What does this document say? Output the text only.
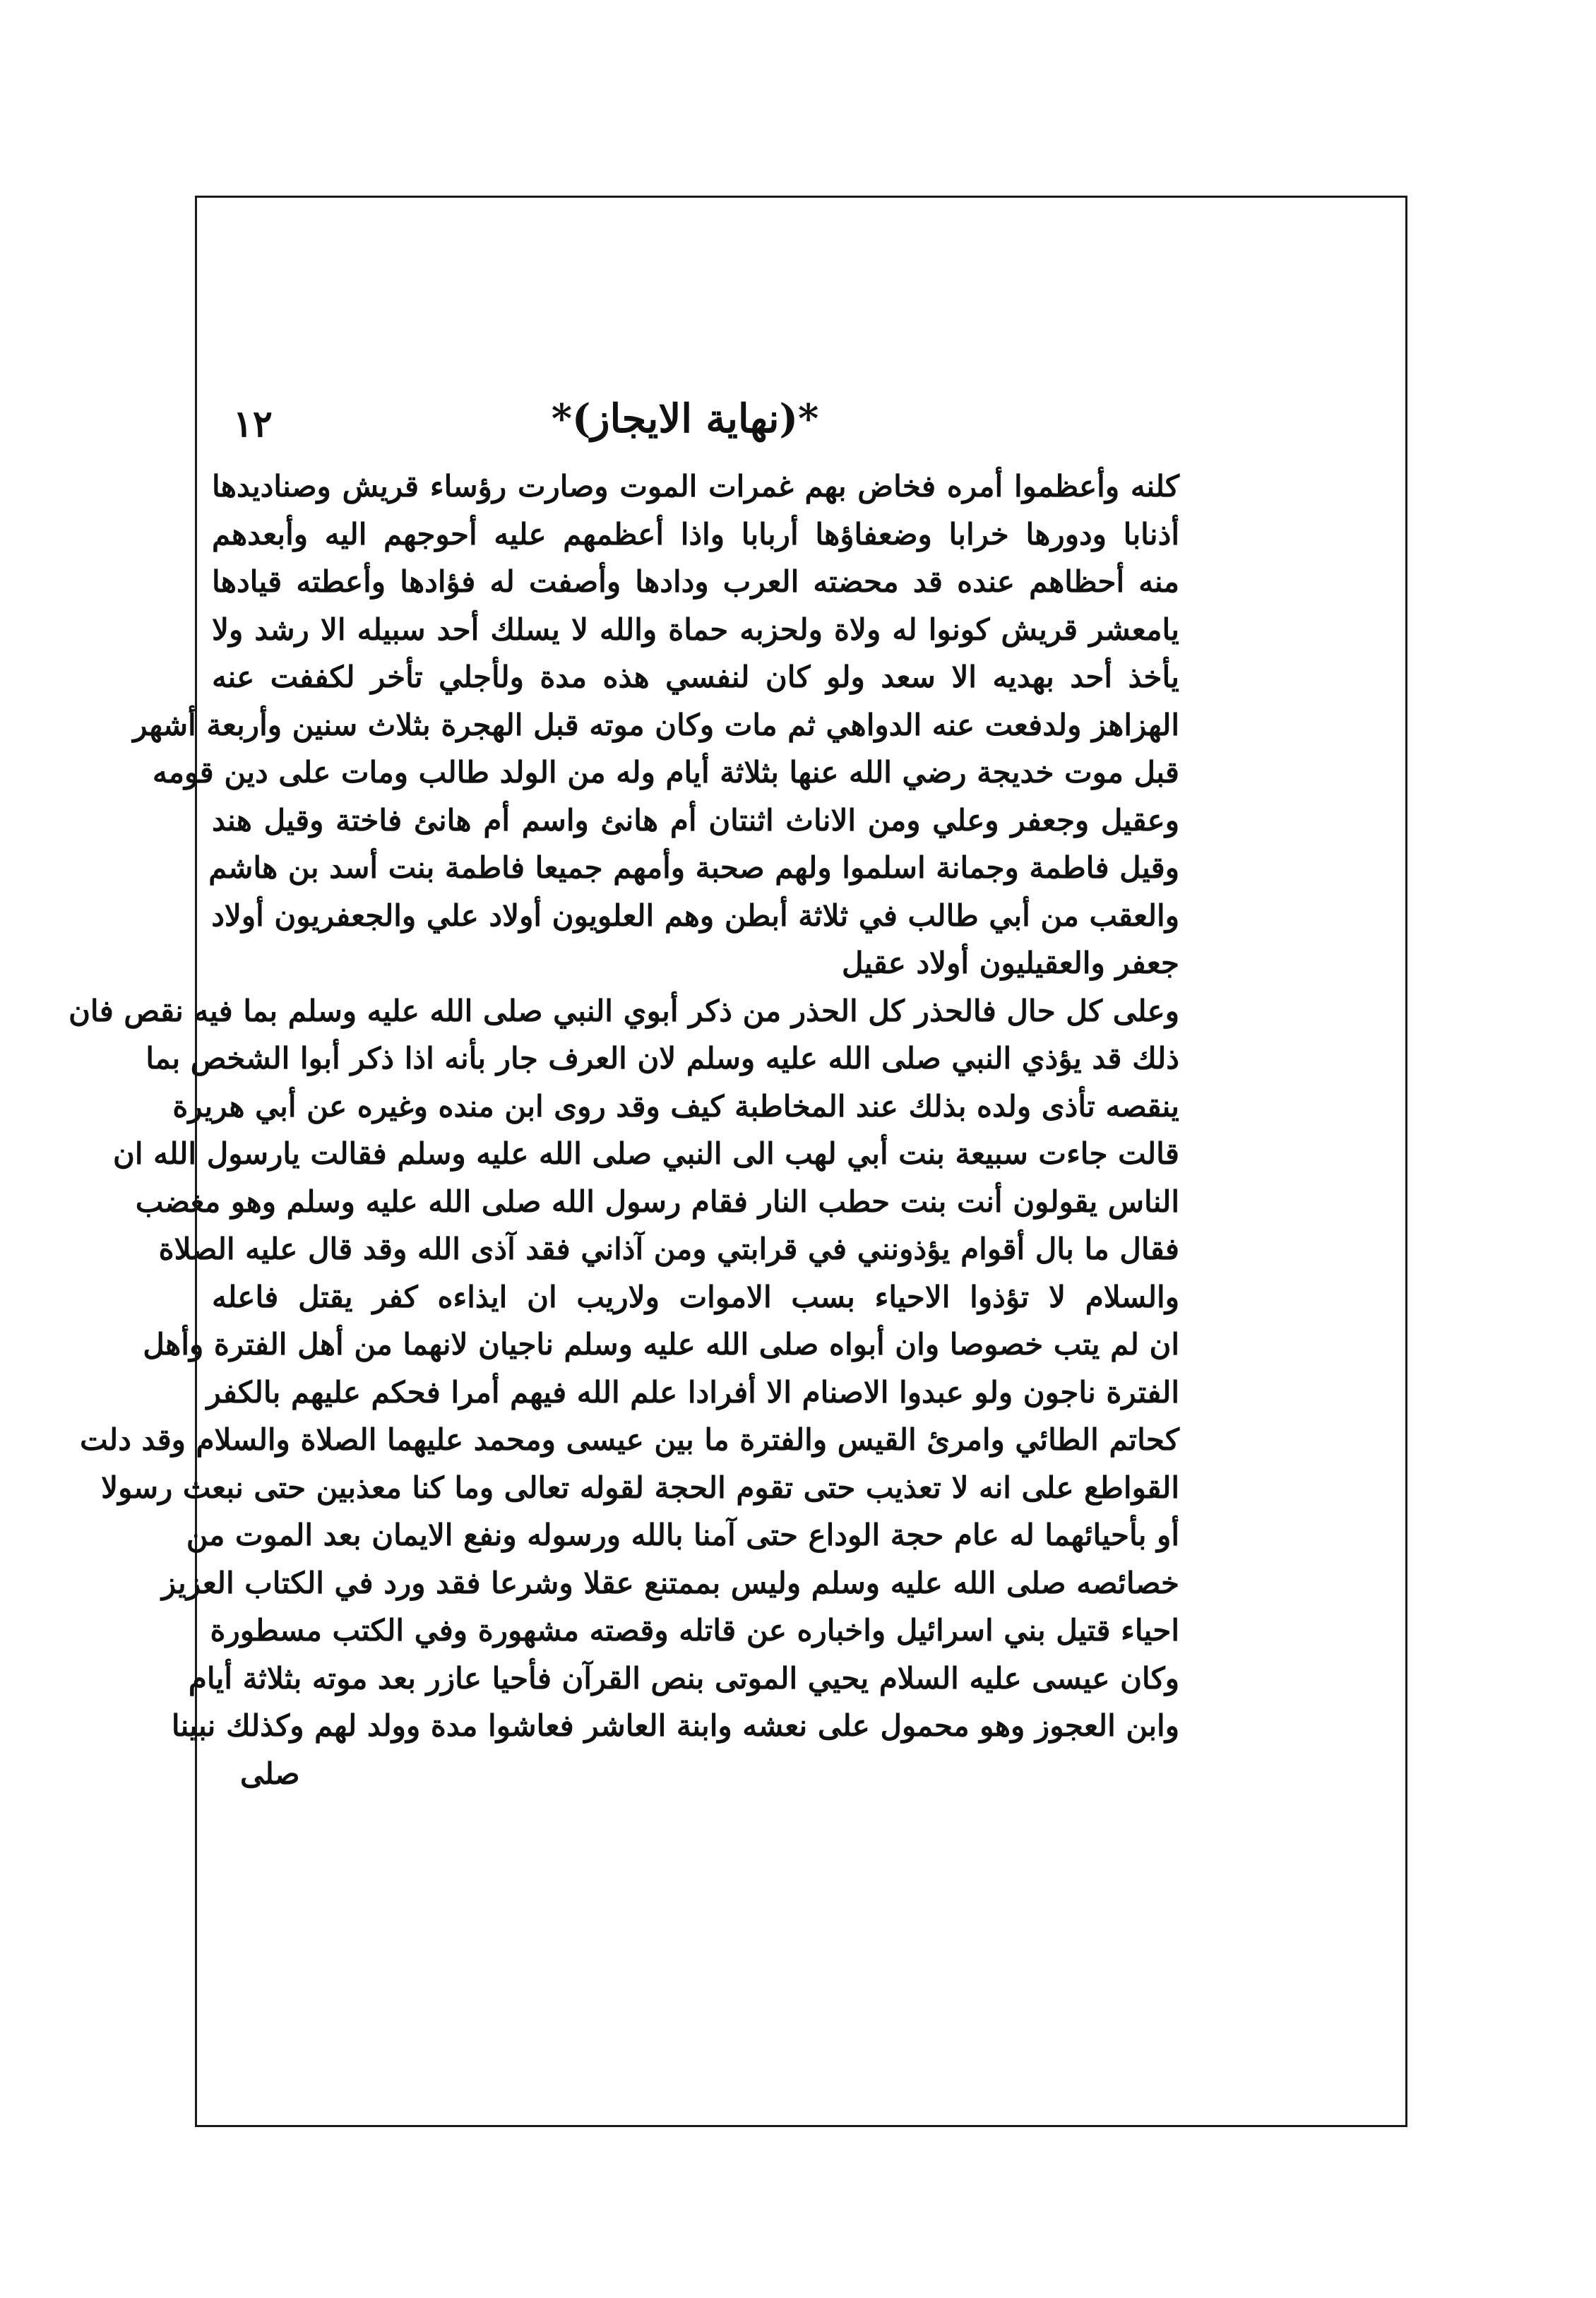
١٢	*(نهاية الايجاز)*
كلنه وأعظموا أمره فخاض بهم غمرات الموت وصارت رؤساء قريش وصناديدها
أذنابا ودورها خرابا وضعفاؤها أربابا واذا أعظمهم عليه أحوجهم اليه وأبعدهم
منه أحظاهم عنده قد محضته العرب ودادها وأصفت له فؤادها وأعطته قيادها
يامعشر قريش كونوا له ولاة ولحزبه حماة والله لا يسلك أحد سبيله الا رشد ولا
يأخذ أحد بهديه الا سعد ولو كان لنفسي هذه مدة ولأجلي تأخر لكففت عنه
الهزاهز ولدفعت عنه الدواهي ثم مات وكان موته قبل الهجرة بثلاث سنين وأربعة أشهر
قبل موت خديجة رضي الله عنها بثلاثة أيام وله من الولد طالب ومات على دين قومه
وعقيل وجعفر وعلي ومن الاناث اثنتان أم هانئ واسم أم هانئ فاختة وقيل هند
وقيل فاطمة وجمانة اسلموا ولهم صحبة وأمهم جميعا فاطمة بنت أسد بن هاشم
والعقب من أبي طالب في ثلاثة أبطن وهم العلويون أولاد علي والجعفريون أولاد
جعفر والعقيليون أولاد عقيل
وعلى كل حال فالحذر كل الحذر من ذكر أبوي النبي صلى الله عليه وسلم بما فيه نقص فان
ذلك قد يؤذي النبي صلى الله عليه وسلم لان العرف جار بأنه اذا ذكر أبوا الشخص بما
ينقصه تأذى ولده بذلك عند المخاطبة كيف وقد روى ابن منده وغيره عن أبي هريرة
قالت جاءت سبيعة بنت أبي لهب الى النبي صلى الله عليه وسلم فقالت يارسول الله ان
الناس يقولون أنت بنت حطب النار فقام رسول الله صلى الله عليه وسلم وهو مغضب
فقال ما بال أقوام يؤذونني في قرابتي ومن آذاني فقد آذى الله وقد قال عليه الصلاة
والسلام لا تؤذوا الاحياء بسب الاموات ولاريب ان ايذاءه كفر يقتل فاعله
ان لم يتب خصوصا وان أبواه صلى الله عليه وسلم ناجيان لانهما من أهل الفترة وأهل
الفترة ناجون ولو عبدوا الاصنام الا أفرادا علم الله فيهم أمرا فحكم عليهم بالكفر
كحاتم الطائي وامرئ القيس والفترة ما بين عيسى ومحمد عليهما الصلاة والسلام وقد دلت
القواطع على انه لا تعذيب حتى تقوم الحجة لقوله تعالى وما كنا معذبين حتى نبعث رسولا
أو بأحيائهما له عام حجة الوداع حتى آمنا بالله ورسوله ونفع الايمان بعد الموت من
خصائصه صلى الله عليه وسلم وليس بممتنع عقلا وشرعا فقد ورد في الكتاب العزيز
احياء قتيل بني اسرائيل واخباره عن قاتله وقصته مشهورة وفي الكتب مسطورة
وكان عيسى عليه السلام يحيي الموتى بنص القرآن فأحيا عازر بعد موته بثلاثة أيام
وابن العجوز وهو محمول على نعشه وابنة العاشر فعاشوا مدة وولد لهم وكذلك نبينا
صلى
